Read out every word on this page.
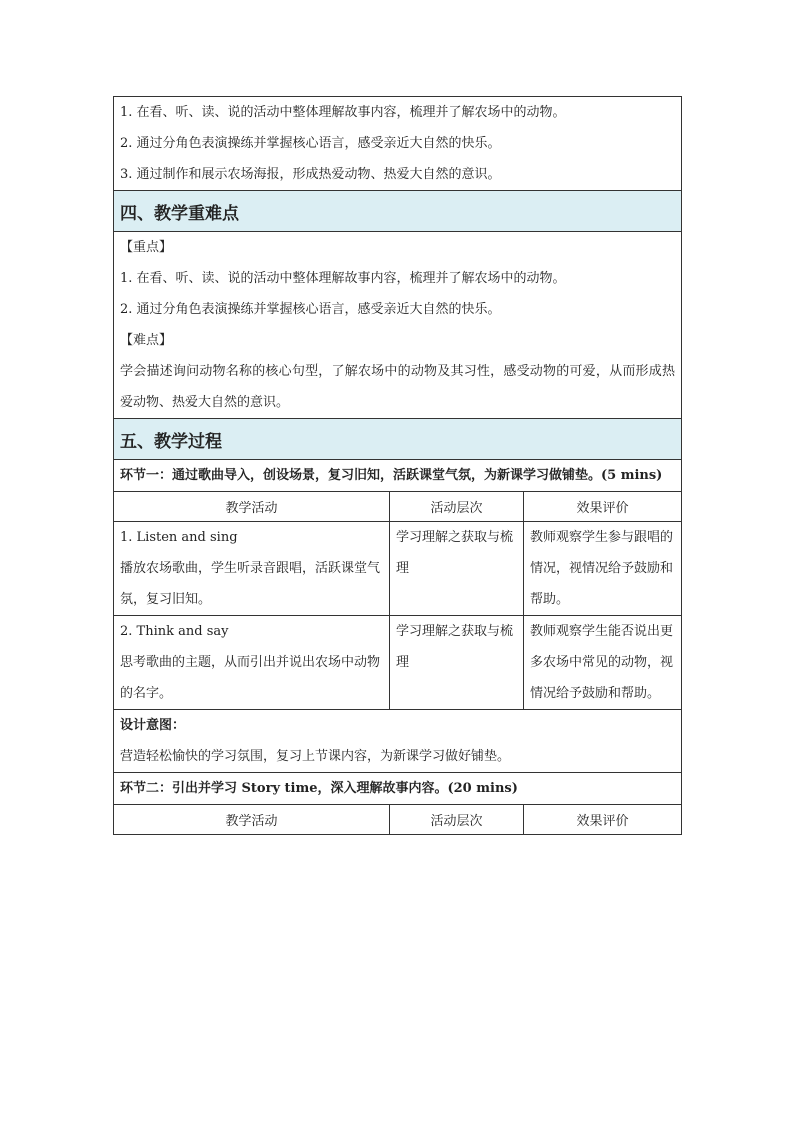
1. 在看、听、读、说的活动中整体理解故事内容，梳理并了解农场中的动物。

2. 通过分角色表演操练并掌握核心语言，感受亲近大自然的快乐。

3. 通过制作和展示农场海报，形成热爱动物、热爱大自然的意识。		

四、教学重难点		

【重点】

1. 在看、听、读、说的活动中整体理解故事内容，梳理并了解农场中的动物。

2. 通过分角色表演操练并掌握核心语言，感受亲近大自然的快乐。

【难点】

学会描述询问动物名称的核心句型，了解农场中的动物及其习性，感受动物的可爱，从而形成热爱动物、热爱大自然的意识。		

五、教学过程		

环节一：通过歌曲导入，创设场景，复习旧知，活跃课堂气氛，为新课学习做铺垫。(5 mins)		

教学活动	活动层次	效果评价

1. Listen and sing

播放农场歌曲，学生听录音跟唱，活跃课堂气氛，复习旧知。	学习理解之获取与梳理	教师观察学生参与跟唱的情况，视情况给予鼓励和帮助。

2. Think and say

思考歌曲的主题，从而引出并说出农场中动物的名字。	学习理解之获取与梳理	教师观察学生能否说出更多农场中常见的动物，视情况给予鼓励和帮助。

设计意图：

营造轻松愉快的学习氛围，复习上节课内容，为新课学习做好铺垫。		

环节二：引出并学习 Story time，深入理解故事内容。(20 mins)		

教学活动	活动层次	效果评价
